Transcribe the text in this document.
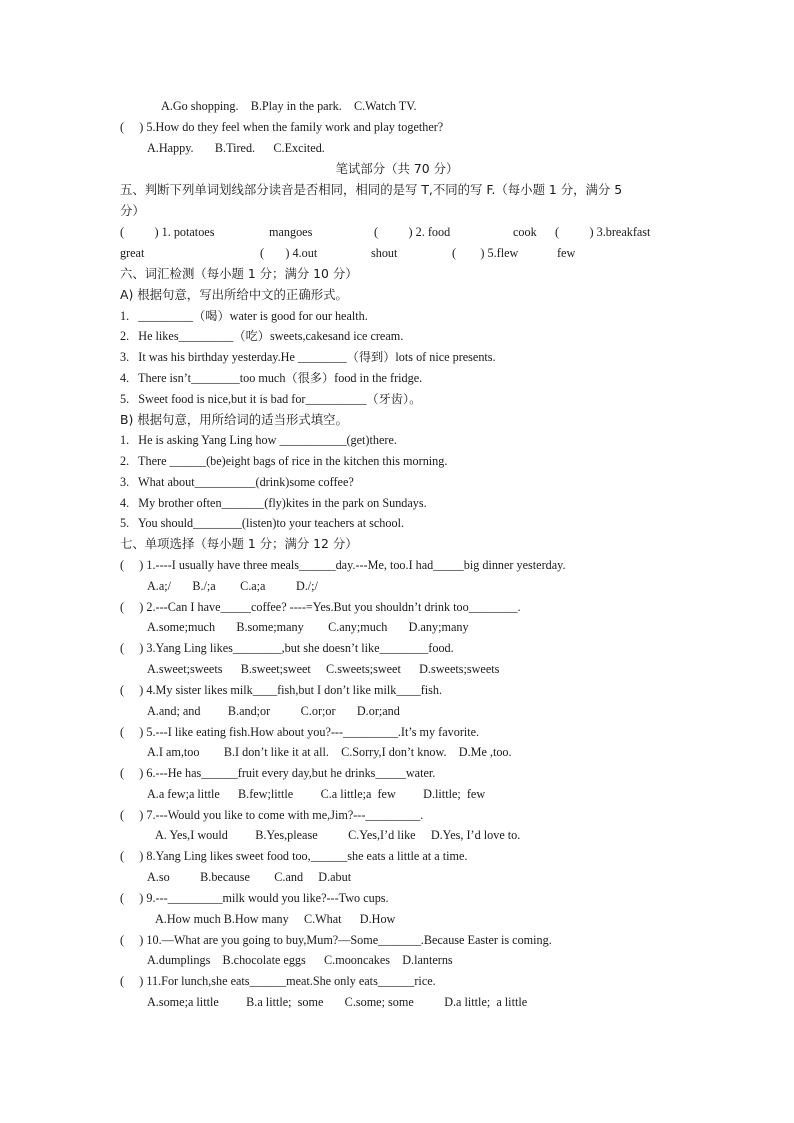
A.Go shopping.    B.Play in the park.    C.Watch TV.
(     ) 5.How do they feel when the family work and play together?
A.Happy.       B.Tired.      C.Excited.
笔试部分（共 70 分）
五、判断下列单词划线部分读音是否相同，相同的是写 T,不同的写 F.（每小题 1 分，满分 5
分）
(          ) 1. potatoes	mangoes	(          ) 2. food	cook (          ) 3.breakfast
great	(       ) 4.out	shout	(        ) 5.flew	few
六、词汇检测（每小题 1 分；满分 10 分）
A) 根据句意，写出所给中文的正确形式。
1.   _________（喝）water is good for our health.
2.   He likes_________（吃）sweets,cakesand ice cream.
3.   It was his birthday yesterday.He ________（得到）lots of nice presents.
4.   There isn’t________too much（很多）food in the fridge.
5.   Sweet food is nice,but it is bad for__________（牙齿）。
B) 根据句意，用所给词的适当形式填空。
1.   He is asking Yang Ling how ___________(get)there.
2.   There ______(be)eight bags of rice in the kitchen this morning.
3.   What about__________(drink)some coffee?
4.   My brother often_______(fly)kites in the park on Sundays.
5.   You should________(listen)to your teachers at school.
七、单项选择（每小题 1 分；满分 12 分）
(     ) 1.----I usually have three meals______day.---Me, too.I had_____big dinner yesterday.
A.a;/       B./;a        C.a;a          D./;/
(     ) 2.---Can I have_____coffee? ----=Yes.But you shouldn’t drink too________.
A.some;much       B.some;many        C.any;much       D.any;many
(     ) 3.Yang Ling likes________,but she doesn’t like________food.
A.sweet;sweets      B.sweet;sweet     C.sweets;sweet      D.sweets;sweets
(     ) 4.My sister likes milk____fish,but I don’t like milk____fish.
A.and; and         B.and;or          C.or;or       D.or;and
(     ) 5.---I like eating fish.How about you?---_________.It’s my favorite.
A.I am,too        B.I don’t like it at all.    C.Sorry,I don’t know.    D.Me ,too.
(     ) 6.---He has______fruit every day,but he drinks_____water.
A.a few;a little      B.few;little         C.a little;a  few         D.little;  few
(     ) 7.---Would you like to come with me,Jim?---_________.
A. Yes,I would         B.Yes,please          C.Yes,I’d like     D.Yes, I’d love to.
(     ) 8.Yang Ling likes sweet food too,______she eats a little at a time.
A.so          B.because        C.and     D.abut
(     ) 9.---_________milk would you like?---Two cups.
A.How much B.How many     C.What      D.How
(     ) 10.—What are you going to buy,Mum?—Some_______.Because Easter is coming.
A.dumplings    B.chocolate eggs      C.mooncakes    D.lanterns
(     ) 11.For lunch,she eats______meat.She only eats______rice.
A.some;a little         B.a little;  some       C.some; some          D.a little;  a little
